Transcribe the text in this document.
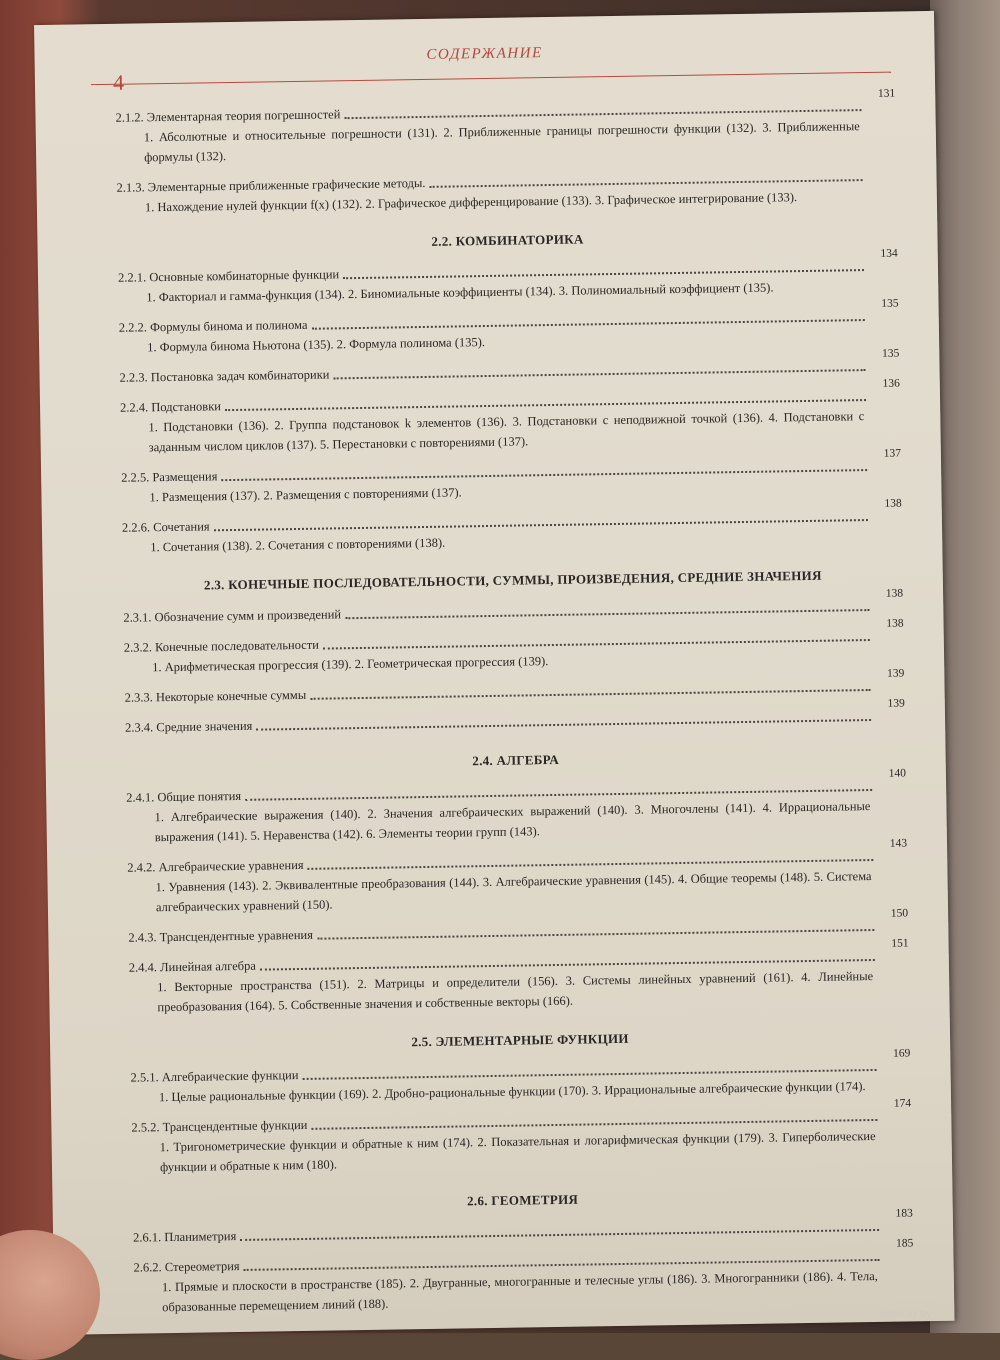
СОДЕРЖАНИЕ
4
2.1.2. Элементарная теория погрешностей
131
1. Абсолютные и относительные погрешности (131). 2. Приближенные границы погрешности функции (132). 3. Приближенные формулы (132).
2.1.3. Элементарные приближенные графические методы.
1. Нахождение нулей функции f(x) (132). 2. Графическое дифференцирование (133). 3. Графическое интегрирование (133).
2.2. КОМБИНАТОРИКА
2.2.1. Основные комбинаторные функции
134
1. Факториал и гамма-функция (134). 2. Биномиальные коэффициенты (134). 3. Полиномиальный коэффициент (135).
2.2.2. Формулы бинома и полинома
135
1. Формула бинома Ньютона (135). 2. Формула полинома (135).
2.2.3. Постановка задач комбинаторики
135
2.2.4. Подстановки
136
1. Подстановки (136). 2. Группа подстановок k элементов (136). 3. Подстановки с неподвижной точкой (136). 4. Подстановки с заданным числом циклов (137). 5. Перестановки с повторениями (137).
2.2.5. Размещения
137
1. Размещения (137). 2. Размещения с повторениями (137).
2.2.6. Сочетания
138
1. Сочетания (138). 2. Сочетания с повторениями (138).
2.3. КОНЕЧНЫЕ ПОСЛЕДОВАТЕЛЬНОСТИ, СУММЫ, ПРОИЗВЕДЕНИЯ, СРЕДНИЕ ЗНАЧЕНИЯ
2.3.1. Обозначение сумм и произведений
138
2.3.2. Конечные последовательности
138
1. Арифметическая прогрессия (139). 2. Геометрическая прогрессия (139).
2.3.3. Некоторые конечные суммы
139
2.3.4. Средние значения
139
2.4. АЛГЕБРА
2.4.1. Общие понятия
140
1. Алгебраические выражения (140). 2. Значения алгебраических выражений (140). 3. Многочлены (141). 4. Иррациональные выражения (141). 5. Неравенства (142). 6. Элементы теории групп (143).
2.4.2. Алгебраические уравнения
143
1. Уравнения (143). 2. Эквивалентные преобразования (144). 3. Алгебраические уравнения (145). 4. Общие теоремы (148). 5. Система алгебраических уравнений (150).
2.4.3. Трансцендентные уравнения
150
2.4.4. Линейная алгебра
151
1. Векторные пространства (151). 2. Матрицы и определители (156). 3. Системы линейных уравнений (161). 4. Линейные преобразования (164). 5. Собственные значения и собственные векторы (166).
2.5. ЭЛЕМЕНТАРНЫЕ ФУНКЦИИ
2.5.1. Алгебраические функции
169
1. Целые рациональные функции (169). 2. Дробно-рациональные функции (170). 3. Иррациональные алгебраические функции (174).
2.5.2. Трансцендентные функции
174
1. Тригонометрические функции и обратные к ним (174). 2. Показательная и логарифмическая функции (179). 3. Гиперболические функции и обратные к ним (180).
2.6. ГЕОМЕТРИЯ
2.6.1. Планиметрия
183
2.6.2. Стереометрия
185
1. Прямые и плоскости в пространстве (185). 2. Двугранные, многогранные и телесные углы (186). 3. Многогранники (186). 4. Тела, образованные перемещением линий (188).	www.ay.by
